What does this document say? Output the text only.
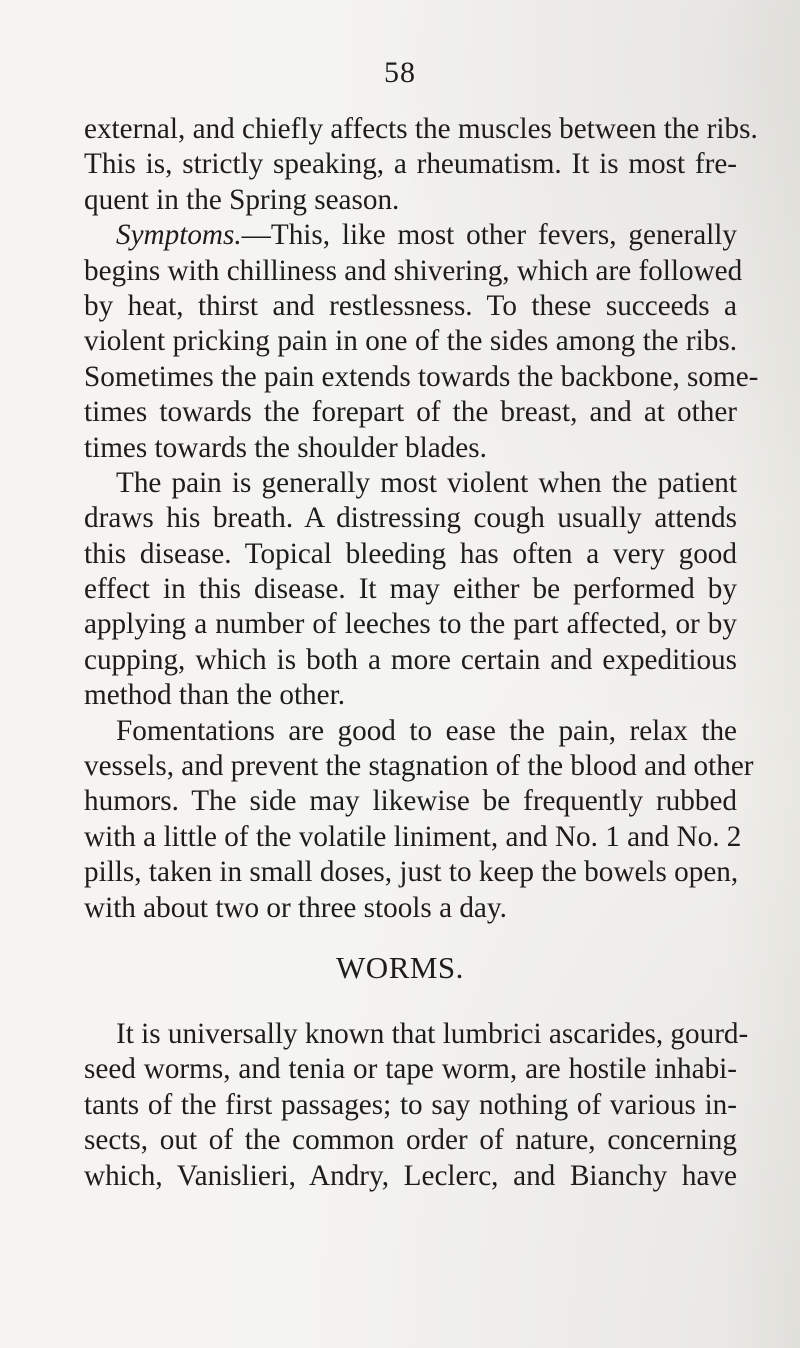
58
external, and chiefly affects the muscles between the ribs.
This is, strictly speaking, a rheumatism. It is most fre-
quent in the Spring season.
Symptoms.—This, like most other fevers, generally
begins with chilliness and shivering, which are followed
by heat, thirst and restlessness. To these succeeds a
violent pricking pain in one of the sides among the ribs.
Sometimes the pain extends towards the backbone, some-
times towards the forepart of the breast, and at other
times towards the shoulder blades.
The pain is generally most violent when the patient
draws his breath. A distressing cough usually attends
this disease. Topical bleeding has often a very good
effect in this disease. It may either be performed by
applying a number of leeches to the part affected, or by
cupping, which is both a more certain and expeditious
method than the other.
Fomentations are good to ease the pain, relax the
vessels, and prevent the stagnation of the blood and other
humors. The side may likewise be frequently rubbed
with a little of the volatile liniment, and No. 1 and No. 2
pills, taken in small doses, just to keep the bowels open,
with about two or three stools a day.
WORMS.
It is universally known that lumbrici ascarides, gourd-
seed worms, and tenia or tape worm, are hostile inhabi-
tants of the first passages; to say nothing of various in-
sects, out of the common order of nature, concerning
which, Vanislieri, Andry, Leclerc, and Bianchy have
